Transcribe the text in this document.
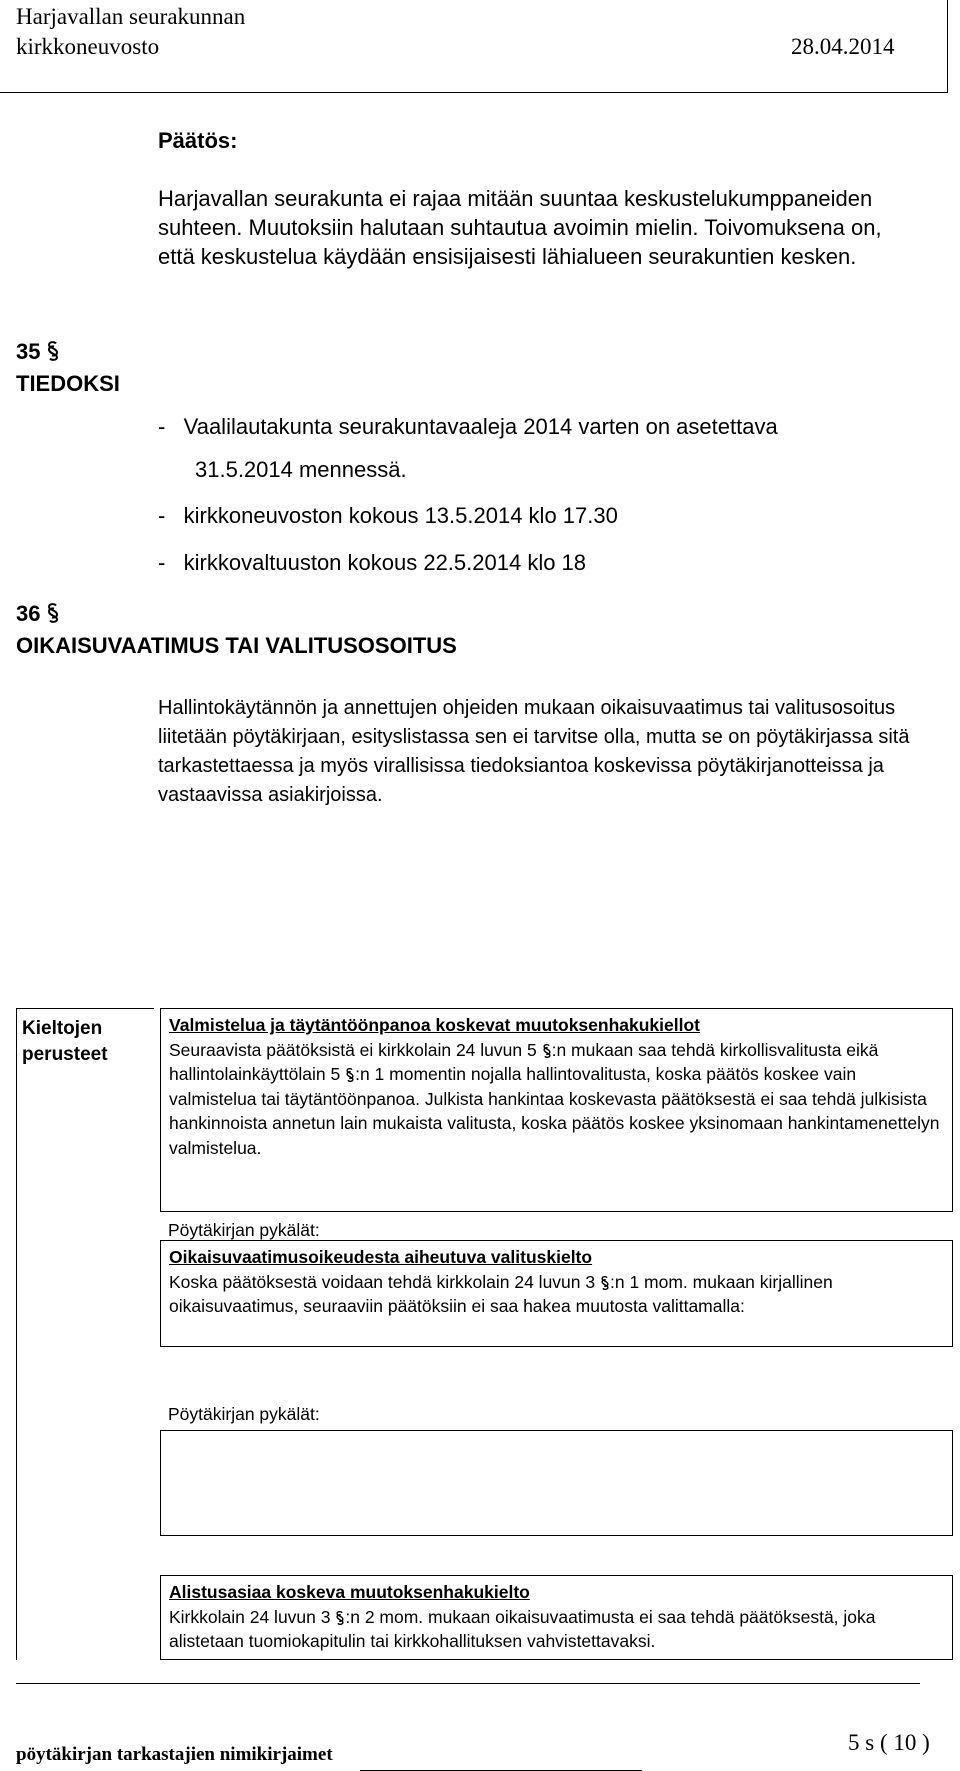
Harjavallan seurakunnan
kirkkoneuvosto	28.04.2014
Päätös:
Harjavallan seurakunta ei rajaa mitään suuntaa keskustelukumppaneiden suhteen. Muutoksiin halutaan suhtautua avoimin mielin. Toivomuksena on, että keskustelua käydään ensisijaisesti lähialueen seurakuntien kesken.
35
TIEDOKSI
-   Vaalilautakunta seurakuntavaaleja 2014 varten on asetettava
31.5.2014 mennessä.
-   kirkkoneuvoston kokous 13.5.2014 klo 17.30
-   kirkkovaltuuston kokous 22.5.2014 klo 18
36
OIKAISUVAATIMUS TAI VALITUSOSOITUS
Hallintokäytännön ja annettujen ohjeiden mukaan oikaisuvaatimus tai valitusosoitus liitetään pöytäkirjaan, esityslistassa sen ei tarvitse olla, mutta se on pöytäkirjassa sitä tarkastettaessa ja myös virallisissa tiedoksiantoa koskevissa pöytäkirjanotteissa ja vastaavissa asiakirjoissa.
Kieltojen
perusteet
Valmistelua ja täytäntöönpanoa koskevat muutoksenhakukiellot
Seuraavista päätöksistä ei kirkkolain 24 luvun 5
:n mukaan saa tehdä kirkollisvalitusta eikä hallintolainkäyttölain 5
:n 1 momentin nojalla hallintovalitusta, koska päätös koskee vain valmistelua tai täytäntöönpanoa. Julkista hankintaa koskevasta päätöksestä ei saa tehdä julkisista hankinnoista annetun lain mukaista valitusta, koska päätös koskee yksinomaan hankintamenettelyn valmistelua.
Pöytäkirjan pykälät:
Oikaisuvaatimusoikeudesta aiheutuva valituskielto
Koska päätöksestä voidaan tehdä kirkkolain 24 luvun 3
:n 1 mom. mukaan kirjallinen oikaisuvaatimus, seuraaviin päätöksiin ei saa hakea muutosta valittamalla:
Pöytäkirjan pykälät:
Alistusasiaa koskeva muutoksenhakukielto
Kirkkolain 24 luvun 3
:n 2 mom. mukaan oikaisuvaatimusta ei saa tehdä päätöksestä, joka alistetaan tuomiokapitulin tai kirkkohallituksen vahvistettavaksi.
pöytäkirjan tarkastajien nimikirjaimet	5 s ( 10 )
